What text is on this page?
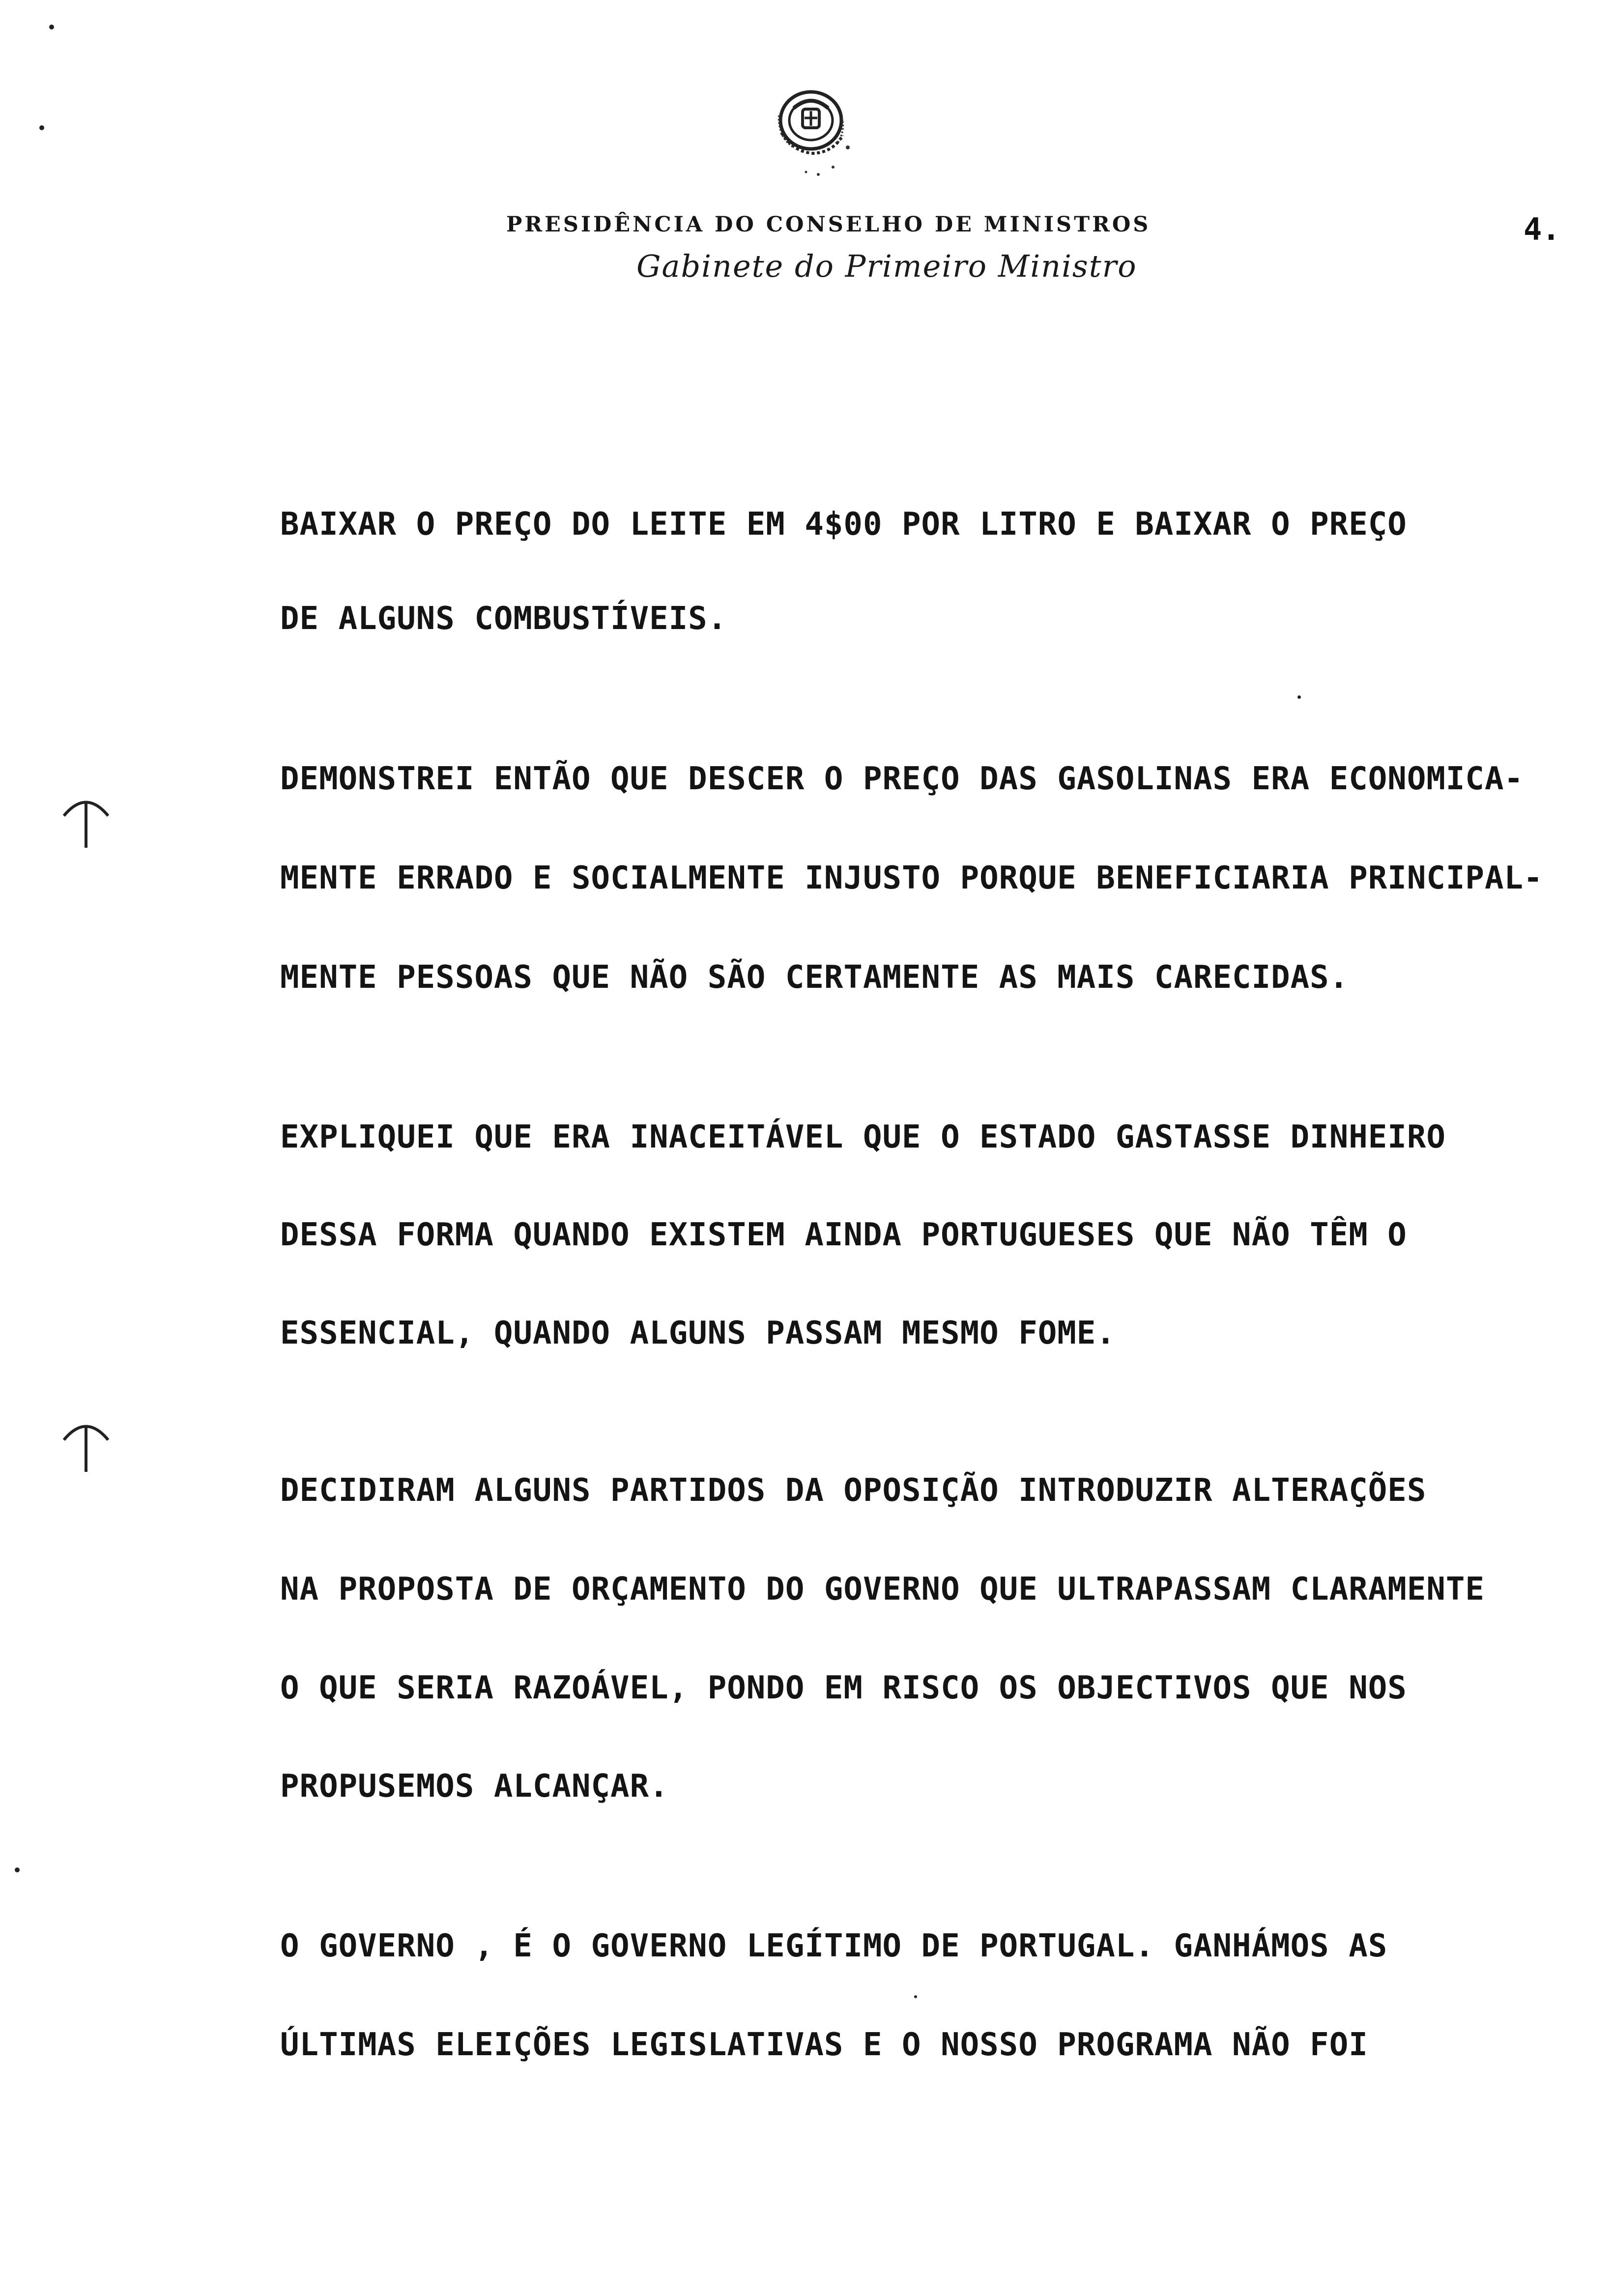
PRESIDÊNCIA DO CONSELHO DE MINISTROS
Gabinete do Primeiro Ministro
4.
BAIXAR O PREÇO DO LEITE EM 4$00 POR LITRO E BAIXAR O PREÇO
DE ALGUNS COMBUSTÍVEIS.
DEMONSTREI ENTÃO QUE DESCER O PREÇO DAS GASOLINAS ERA ECONOMICA-
MENTE ERRADO E SOCIALMENTE INJUSTO PORQUE BENEFICIARIA PRINCIPAL-
MENTE PESSOAS QUE NÃO SÃO CERTAMENTE AS MAIS CARECIDAS.
EXPLIQUEI QUE ERA INACEITÁVEL QUE O ESTADO GASTASSE DINHEIRO
DESSA FORMA QUANDO EXISTEM AINDA PORTUGUESES QUE NÃO TÊM O
ESSENCIAL, QUANDO ALGUNS PASSAM MESMO FOME.
DECIDIRAM ALGUNS PARTIDOS DA OPOSIÇÃO INTRODUZIR ALTERAÇÕES
NA PROPOSTA DE ORÇAMENTO DO GOVERNO QUE ULTRAPASSAM CLARAMENTE
O QUE SERIA RAZOÁVEL, PONDO EM RISCO OS OBJECTIVOS QUE NOS
PROPUSEMOS ALCANÇAR.
O GOVERNO , É O GOVERNO LEGÍTIMO DE PORTUGAL. GANHÁMOS AS
ÚLTIMAS ELEIÇÕES LEGISLATIVAS E O NOSSO PROGRAMA NÃO FOI
